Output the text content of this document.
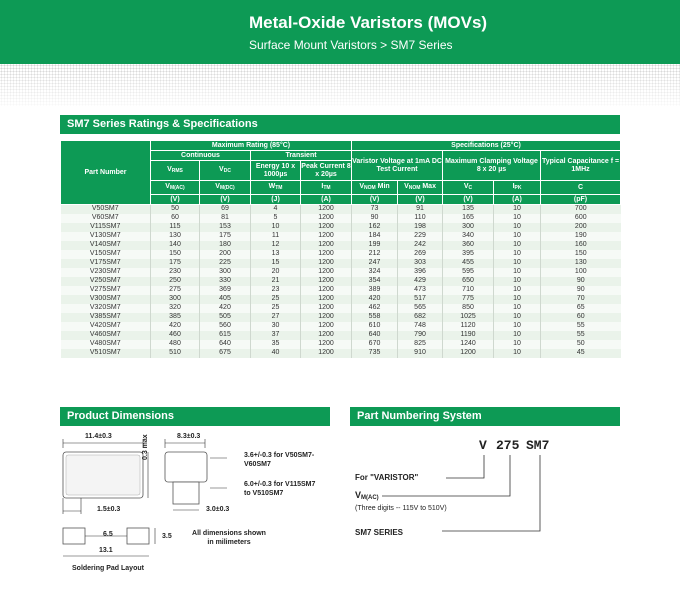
Metal-Oxide Varistors (MOVs)
Surface Mount Varistors > SM7 Series
SM7 Series Ratings & Specifications
Part Number	Maximum Rating (85°C)				Specifications (25°C)				
	Continuous		Transient		Varistor Voltage at 1mA DC Test Current		Maximum Clamping Voltage 8 x 20 µs		Typical Capacitance f = 1MHz
	$V_{RMS}$	$V_{DC}$	Energy 10 x 1000µs	Peak Current 8 x 20µs					
	$V_{M(AC)}$	$V_{M(DC)}$	$W_{TM}$	$I_{TM}$	$V_{NOM}$ Min	$V_{NOM}$ Max	$V_C$	$I_{PK}$	C
	(V)	(V)	(J)	(A)	(V)	(V)	(V)	(A)	(pF)
V50SM7	50	69	4	1200	73	91	135	10	700
V60SM7	60	81	5	1200	90	110	165	10	600
V115SM7	115	153	10	1200	162	198	300	10	200
V130SM7	130	175	11	1200	184	229	340	10	190
V140SM7	140	180	12	1200	199	242	360	10	160
V150SM7	150	200	13	1200	212	269	395	10	150
V175SM7	175	225	15	1200	247	303	455	10	130
V230SM7	230	300	20	1200	324	396	595	10	100
V250SM7	250	330	21	1200	354	429	650	10	90
V275SM7	275	369	23	1200	389	473	710	10	90
V300SM7	300	405	25	1200	420	517	775	10	70
V320SM7	320	420	25	1200	462	565	850	10	65
V385SM7	385	505	27	1200	558	682	1025	10	60
V420SM7	420	560	30	1200	610	748	1120	10	55
V460SM7	460	615	37	1200	640	790	1190	10	55
V480SM7	480	640	35	1200	670	825	1240	10	50
V510SM7	510	675	40	1200	735	910	1200	10	45
Product Dimensions
11.4±0.3	0.3 max
1.5±0.3
8.3±0.3
3.6+/-0.3 for V50SM7-V60SM7
6.0+/-0.3 for V115SM7 to V510SM7
3.0±0.3
6.5	3.5
13.1
All dimensions shown in milimeters
Soldering Pad Layout
Part Numbering System
V 275 SM7
For "VARISTOR"
$V_{M(AC)}$
(Three digits -- 115V to 510V)
SM7 SERIES
